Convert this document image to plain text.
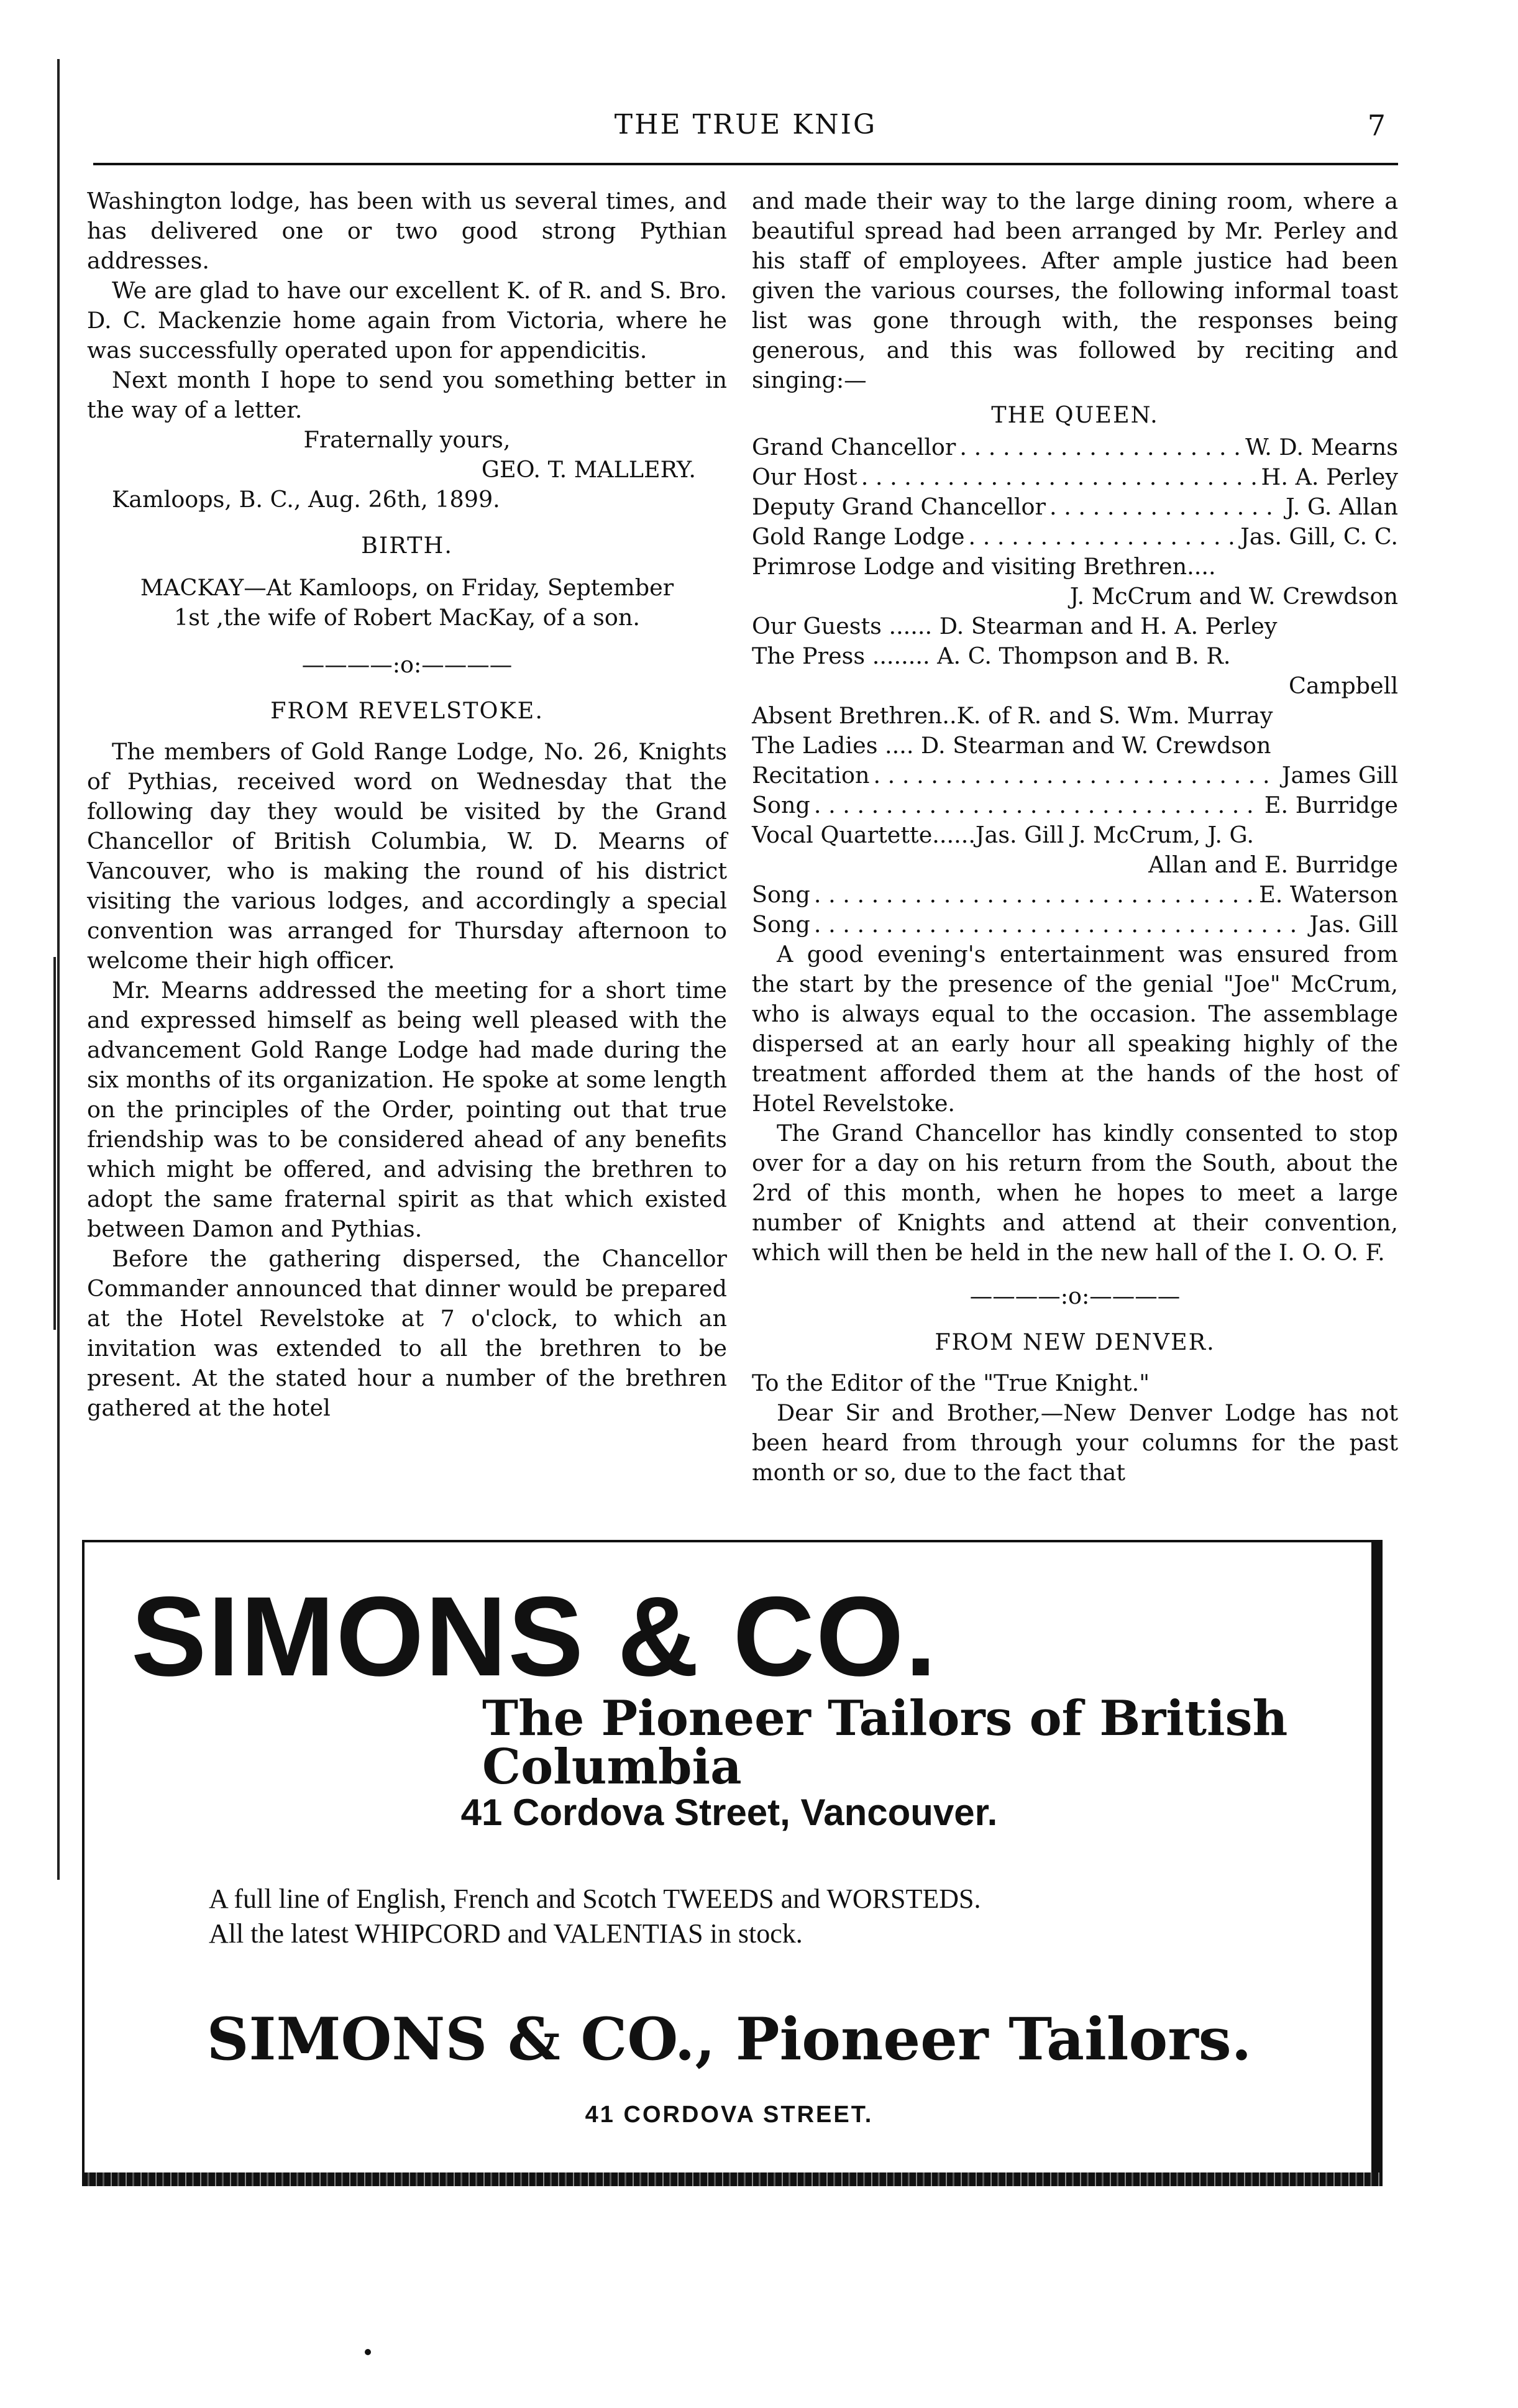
THE TRUE KNIG	7

Washington lodge, has been with us several times, and has delivered one or two good strong Pythian addresses.

We are glad to have our excellent K. of R. and S. Bro. D. C. Mackenzie home again from Victoria, where he was successfully operated upon for appendicitis.

Next month I hope to send you something better in the way of a letter.

Fraternally yours,

GEO. T. MALLERY.

Kamloops, B. C., Aug. 26th, 1899.

BIRTH.

MACKAY—At Kamloops, on Friday, September 1st ,the wife of Robert MacKay, of a son.

————:o:————

FROM REVELSTOKE.

The members of Gold Range Lodge, No. 26, Knights of Pythias, received word on Wednesday that the following day they would be visited by the Grand Chancellor of British Columbia, W. D. Mearns of Vancouver, who is making the round of his district visiting the various lodges, and accordingly a special convention was arranged for Thursday afternoon to welcome their high officer.

Mr. Mearns addressed the meeting for a short time and expressed himself as being well pleased with the advancement Gold Range Lodge had made during the six months of its organization. He spoke at some length on the principles of the Order, pointing out that true friendship was to be considered ahead of any benefits which might be offered, and advising the brethren to adopt the same fraternal spirit as that which existed between Damon and Pythias.

Before the gathering dispersed, the Chancellor Commander announced that dinner would be prepared at the Hotel Revelstoke at 7 o'clock, to which an invitation was extended to all the brethren to be present. At the stated hour a number of the brethren gathered at the hotel

and made their way to the large dining room, where a beautiful spread had been arranged by Mr. Perley and his staff of employees. After ample justice had been given the various courses, the following informal toast list was gone through with, the responses being generous, and this was followed by reciting and singing:—

THE QUEEN.

Grand Chancellor . . .	W. D. Mearns
Our Host . . .	H. A. Perley
Deputy Grand Chancellor . . .	J. G. Allan
Gold Range Lodge . . .	Jas. Gill, C. C.

Primrose Lodge and visiting Brethren....

J. McCrum and W. Crewdson

Our Guests ...... D. Stearman and H. A. Perley

The Press ........ A. C. Thompson and B. R.

Campbell

Absent Brethren..K. of R. and S. Wm. Murray

The Ladies .... D. Stearman and W. Crewdson

Recitation . . .	James Gill
Song . . .	E. Burridge

Vocal Quartette......Jas. Gill J. McCrum, J. G.

Allan and E. Burridge

Song . . .	E. Waterson
Song . . .	Jas. Gill

A good evening's entertainment was ensured from the start by the presence of the genial "Joe" McCrum, who is always equal to the occasion. The assemblage dispersed at an early hour all speaking highly of the treatment afforded them at the hands of the host of Hotel Revelstoke.

The Grand Chancellor has kindly consented to stop over for a day on his return from the South, about the 2rd of this month, when he hopes to meet a large number of Knights and attend at their convention, which will then be held in the new hall of the I. O. O. F.

————:o:————

FROM NEW DENVER.

To the Editor of the "True Knight."

Dear Sir and Brother,—New Denver Lodge has not been heard from through your columns for the past month or so, due to the fact that

SIMONS & CO.
The Pioneer Tailors of British Columbia
41 Cordova Street, Vancouver.
A full line of English, French and Scotch TWEEDS and WORSTEDS.
All the latest WHIPCORD and VALENTIAS in stock.
SIMONS & CO., Pioneer Tailors.
41 CORDOVA STREET.
